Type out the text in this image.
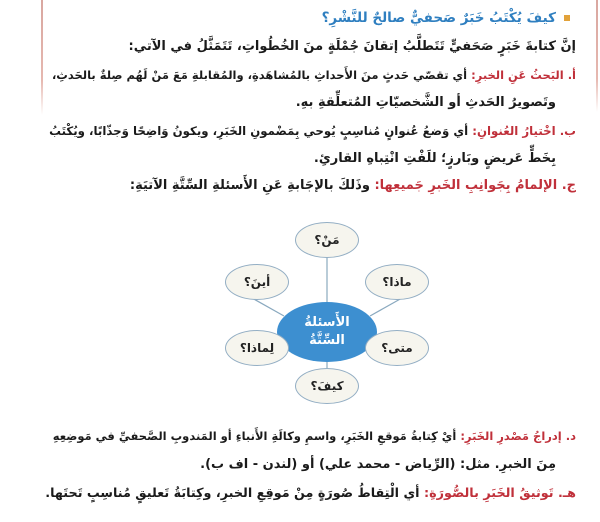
كيفَ يُكْتَبُ خَبَرٌ صَحفيٌّ صالحٌ للنَّشْرِ؟
إنَّ كتابةَ خَبَرٍ صَحَفيٍّ تَتَطلَّبُ إتقانَ جُمْلَةٍ منَ الخُطُواتِ، تَتَمَثَّلُ في الآتي:
أ. البَحثُ عَنِ الخبرِ: أي تقصّي حَدثٍ منَ الأَحداثِ بالمُشاهَدةِ، والمُقابلةِ مَعَ مَنْ لَهُم صِلةٌ بالحَدثِ،
وتَصويرُ الحَدثِ أو الشَّخصيّاتِ المُتعلِّقةِ بهِ.
ب. اخْتيارُ العُنوانِ: أي وَضعُ عُنوانٍ مُناسِبٍ يُوحي بِمَضْمونِ الخَبَرِ، ويكونُ وَاضِحًا وَجذّابًا، ويُكْتَبُ
بِخَطٍّ عَريضٍ وبَارزٍ؛ للَفْتِ انْتِباهِ القارئِ.
ج. الإلمامُ بِجَوانِبِ الخَبرِ جَميعِها: وذَلكَ بالإجَابةِ عَنِ الأَسئلةِ السِّتَّةِ الآتيَةِ:
مَنْ؟
ماذا؟
أينَ؟
الأَسئلةُ
السِّتَّةُ	متى؟
لِماذا؟
كيفَ؟
د. إدراجُ مَصْدرِ الخَبَرِ: أيْ كِتابةُ مَوقعِ الخَبَرِ، واسمِ وكالَةِ الأَنباءِ أو المَندوبِ الصَّحفيِّ في مَوضِعِهِ
مِنَ الخبرِ. مثل: (الرِّياض - محمد علي) أو (لندن - اف ب).
هـ. تَوثيقُ الخَبَرِ بالصُّورَةِ: أي الْتِقاطُ صُورَةٍ مِنْ مَوقِعِ الخبرِ، وكِتابَةُ تَعليقٍ مُناسِبٍ تَحتَها.
